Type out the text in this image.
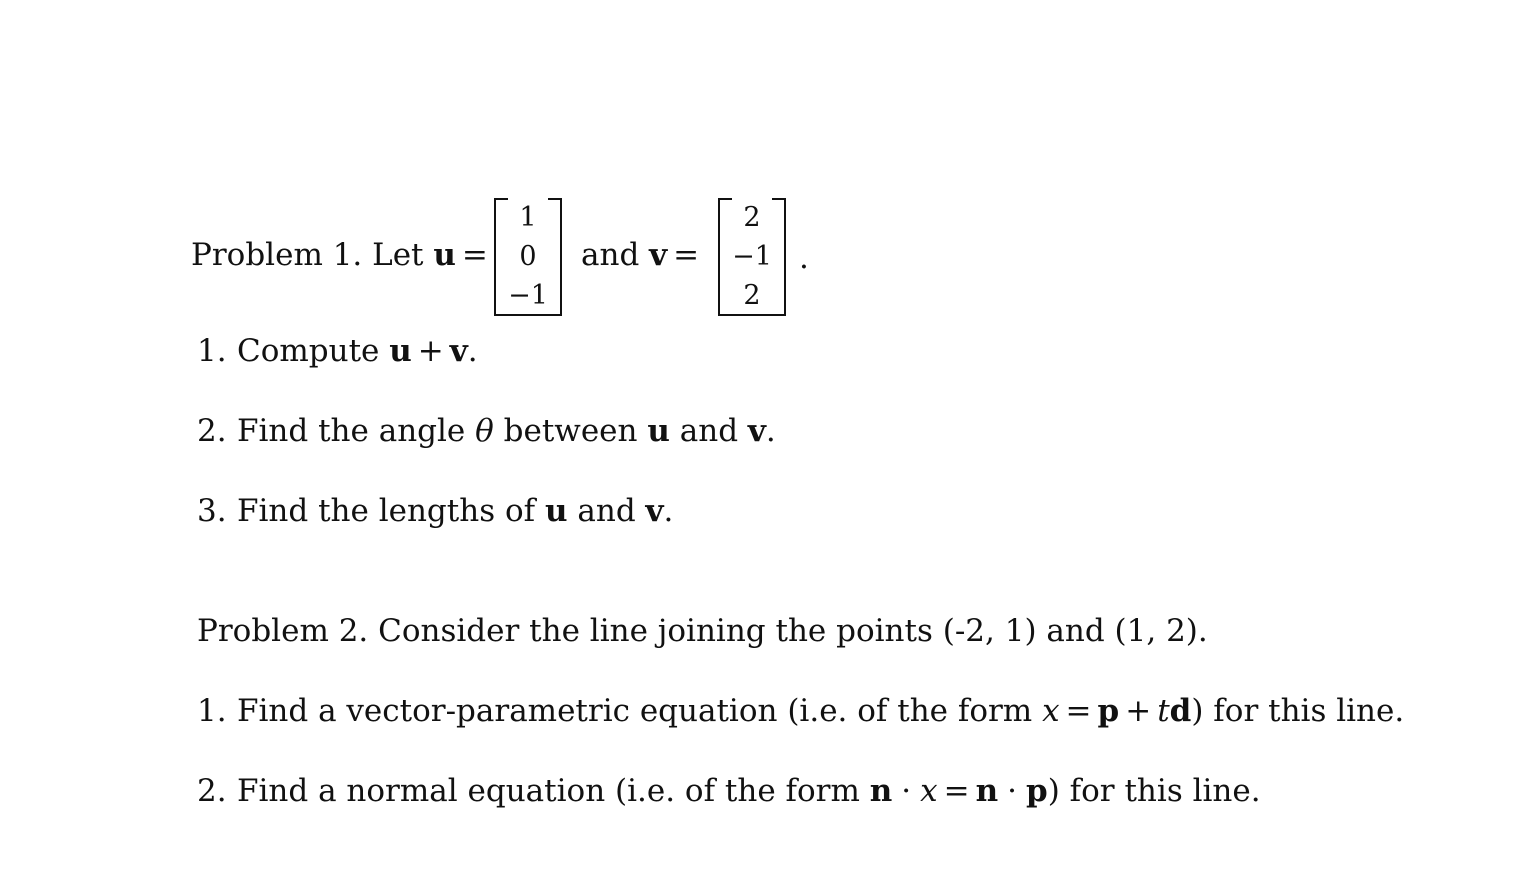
Problem 1. Let u =
1
0
−1
and v =
2
−1
2
.
1. Compute u + v.
2. Find the angle θ between u and v.
3. Find the lengths of u and v.
Problem 2. Consider the line joining the points (-2, 1) and (1, 2).
1. Find a vector-parametric equation (i.e. of the form x = p + td) for this line.
2. Find a normal equation (i.e. of the form n · x = n · p) for this line.
